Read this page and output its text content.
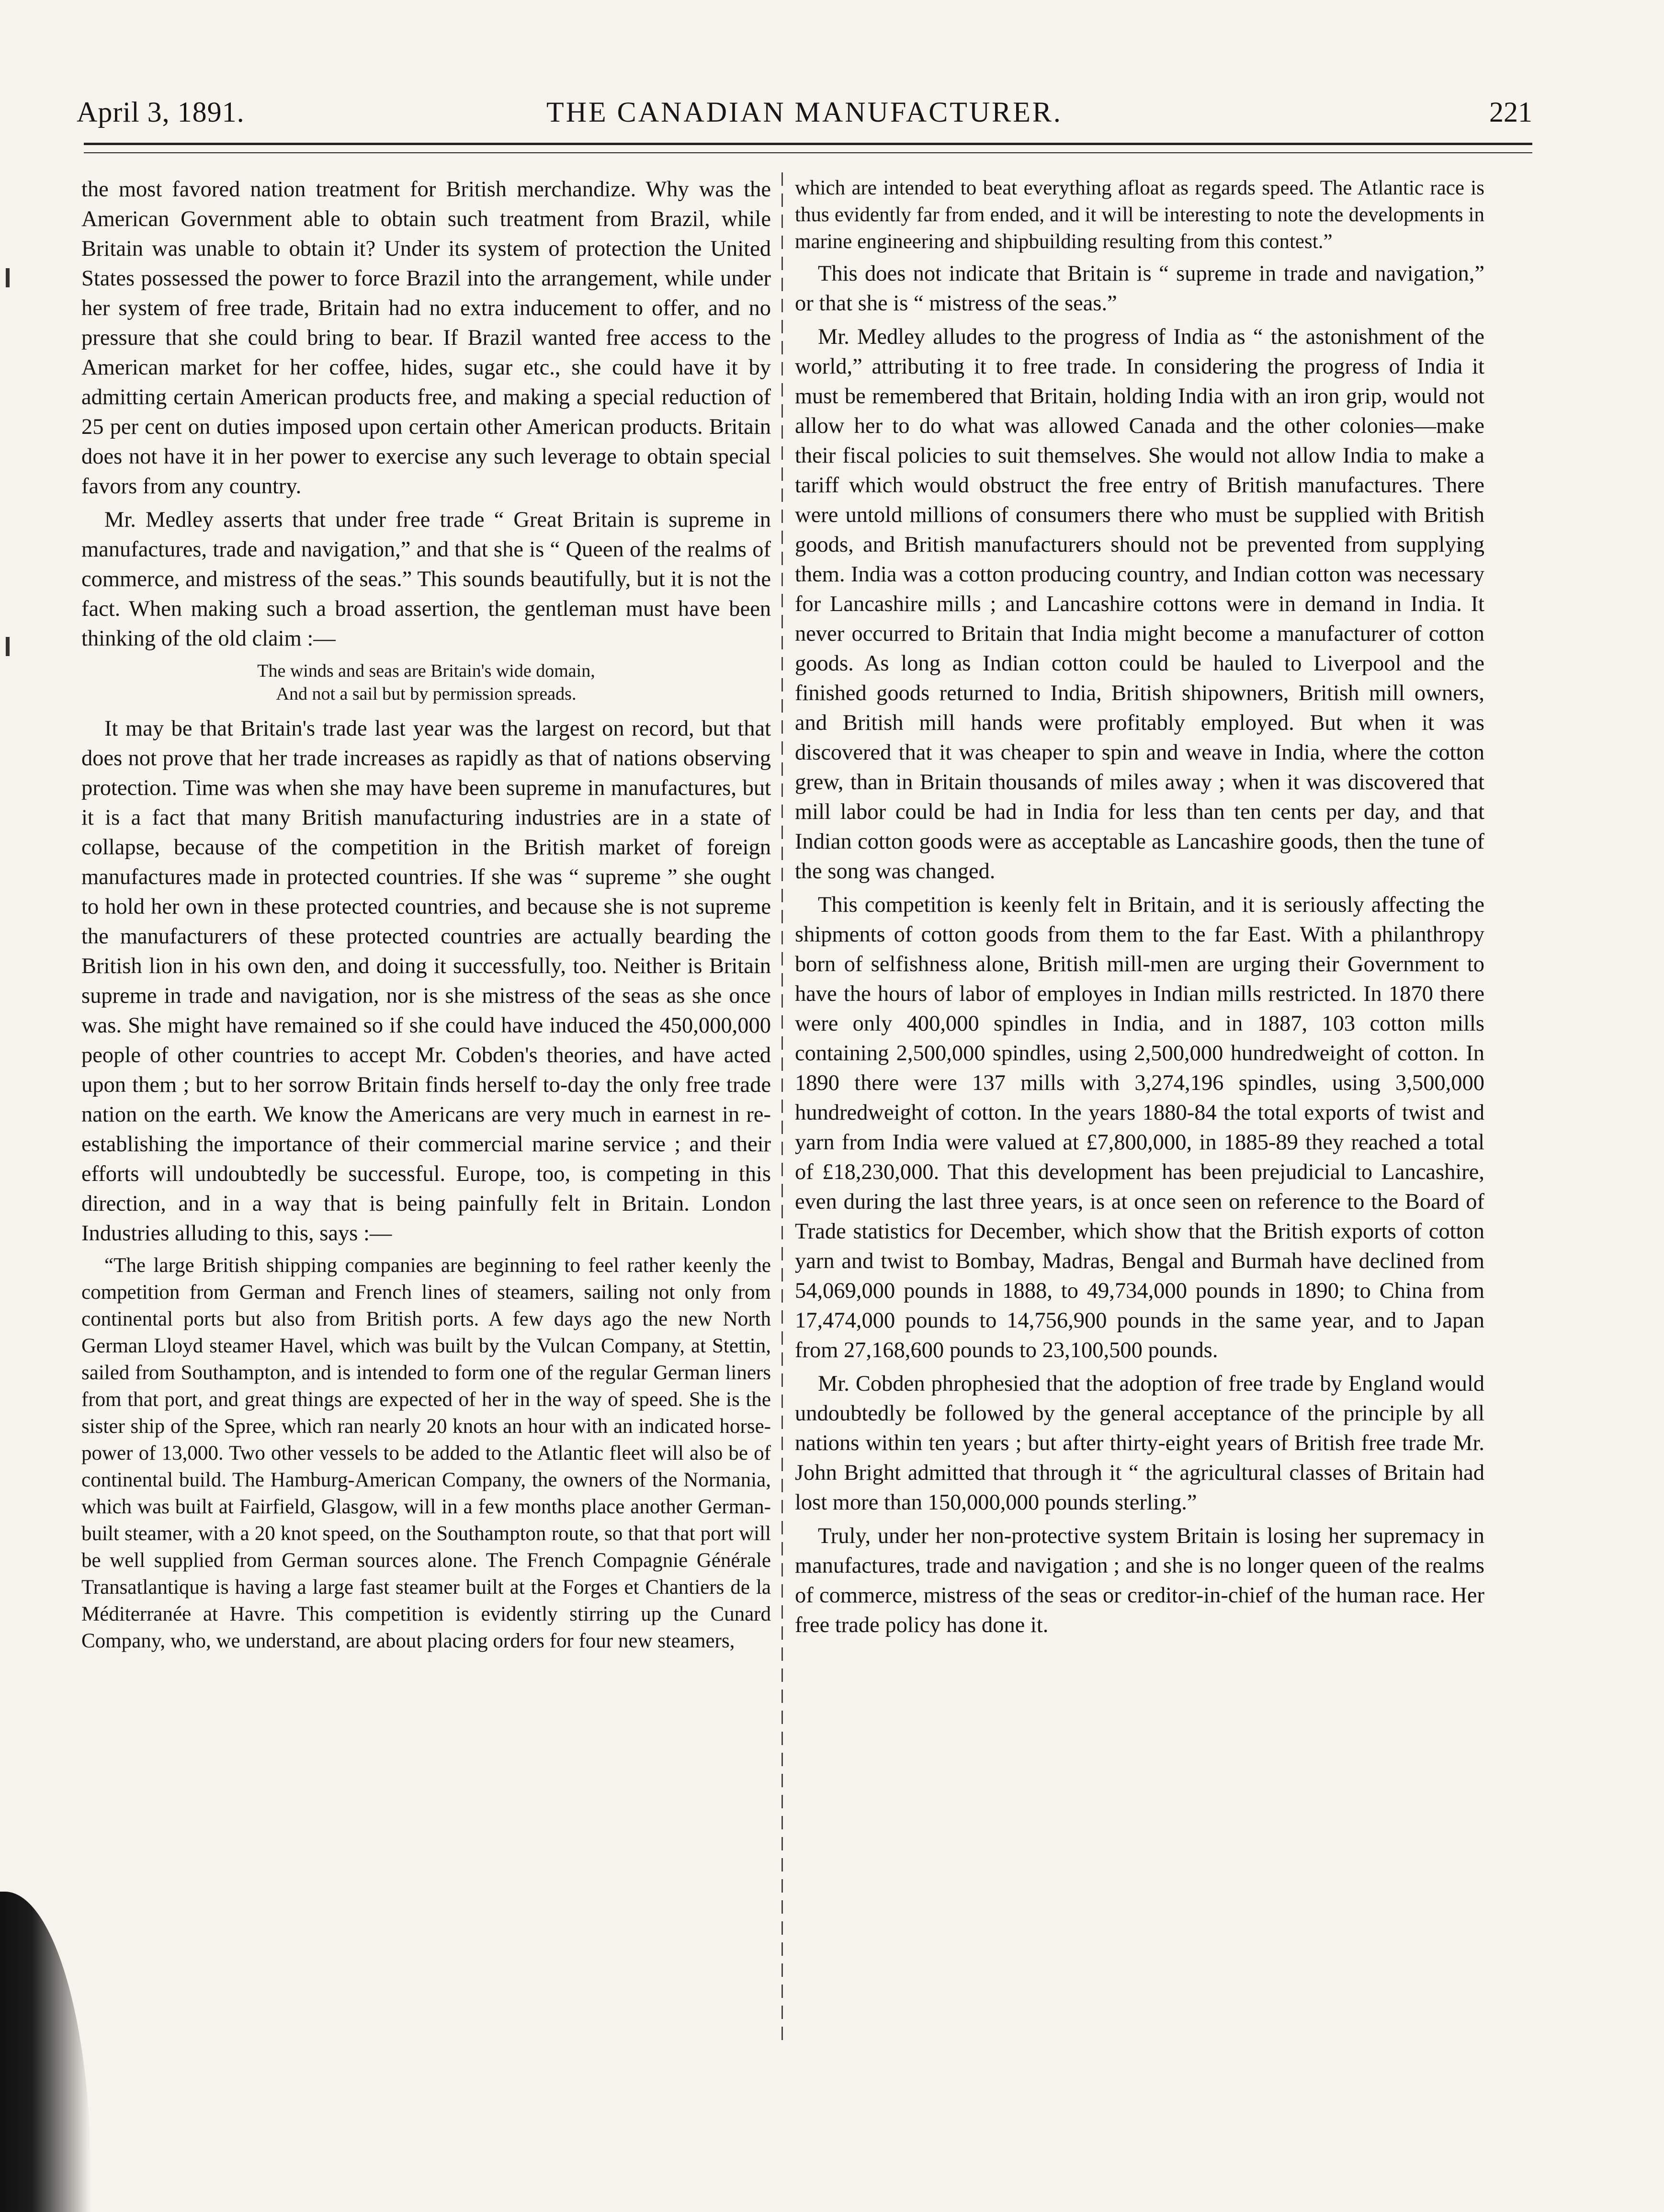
April 3, 1891.	THE CANADIAN MANUFACTURER.	221

the most favored nation treatment for British merchandize. Why was the American Government able to obtain such treatment from Brazil, while Britain was unable to obtain it? Under its system of protection the United States possessed the power to force Brazil into the arrangement, while under her system of free trade, Britain had no extra inducement to offer, and no pressure that she could bring to bear. If Brazil wanted free access to the American market for her coffee, hides, sugar etc., she could have it by admitting certain American products free, and making a special reduction of 25 per cent on duties imposed upon certain other American products. Britain does not have it in her power to exercise any such leverage to obtain special favors from any country.

Mr. Medley asserts that under free trade “ Great Britain is supreme in manufactures, trade and navigation,” and that she is “ Queen of the realms of commerce, and mistress of the seas.” This sounds beautifully, but it is not the fact. When making such a broad assertion, the gentleman must have been thinking of the old claim :—

The winds and seas are Britain's wide domain,
And not a sail but by permission spreads.

It may be that Britain's trade last year was the largest on record, but that does not prove that her trade increases as rapidly as that of nations observing protection. Time was when she may have been supreme in manufactures, but it is a fact that many British manufacturing industries are in a state of collapse, because of the competition in the British market of foreign manufactures made in protected countries. If she was “ supreme ” she ought to hold her own in these protected countries, and because she is not supreme the manufacturers of these protected countries are actually bearding the British lion in his own den, and doing it successfully, too. Neither is Britain supreme in trade and navigation, nor is she mistress of the seas as she once was. She might have remained so if she could have induced the 450,000,000 people of other countries to accept Mr. Cobden's theories, and have acted upon them ; but to her sorrow Britain finds herself to-day the only free trade nation on the earth. We know the Americans are very much in earnest in re-establishing the importance of their commercial marine service ; and their efforts will undoubtedly be successful. Europe, too, is competing in this direction, and in a way that is being painfully felt in Britain. London Industries alluding to this, says :—

“The large British shipping companies are beginning to feel rather keenly the competition from German and French lines of steamers, sailing not only from continental ports but also from British ports. A few days ago the new North German Lloyd steamer Havel, which was built by the Vulcan Company, at Stettin, sailed from Southampton, and is intended to form one of the regular German liners from that port, and great things are expected of her in the way of speed. She is the sister ship of the Spree, which ran nearly 20 knots an hour with an indicated horse-power of 13,000. Two other vessels to be added to the Atlantic fleet will also be of continental build. The Hamburg-American Company, the owners of the Normania, which was built at Fairfield, Glasgow, will in a few months place another German-built steamer, with a 20 knot speed, on the Southampton route, so that that port will be well supplied from German sources alone. The French Compagnie Générale Transatlantique is having a large fast steamer built at the Forges et Chantiers de la Méditerranée at Havre. This competition is evidently stirring up the Cunard Company, who, we understand, are about placing orders for four new steamers,

which are intended to beat everything afloat as regards speed. The Atlantic race is thus evidently far from ended, and it will be interesting to note the developments in marine engineering and shipbuilding resulting from this contest.”

This does not indicate that Britain is “ supreme in trade and navigation,” or that she is “ mistress of the seas.”

Mr. Medley alludes to the progress of India as “ the astonishment of the world,” attributing it to free trade. In considering the progress of India it must be remembered that Britain, holding India with an iron grip, would not allow her to do what was allowed Canada and the other colonies—make their fiscal policies to suit themselves. She would not allow India to make a tariff which would obstruct the free entry of British manufactures. There were untold millions of consumers there who must be supplied with British goods, and British manufacturers should not be prevented from supplying them. India was a cotton producing country, and Indian cotton was necessary for Lancashire mills ; and Lancashire cottons were in demand in India. It never occurred to Britain that India might become a manufacturer of cotton goods. As long as Indian cotton could be hauled to Liverpool and the finished goods returned to India, British shipowners, British mill owners, and British mill hands were profitably employed. But when it was discovered that it was cheaper to spin and weave in India, where the cotton grew, than in Britain thousands of miles away ; when it was discovered that mill labor could be had in India for less than ten cents per day, and that Indian cotton goods were as acceptable as Lancashire goods, then the tune of the song was changed.

This competition is keenly felt in Britain, and it is seriously affecting the shipments of cotton goods from them to the far East. With a philanthropy born of selfishness alone, British mill-men are urging their Government to have the hours of labor of employes in Indian mills restricted. In 1870 there were only 400,000 spindles in India, and in 1887, 103 cotton mills containing 2,500,000 spindles, using 2,500,000 hundredweight of cotton. In 1890 there were 137 mills with 3,274,196 spindles, using 3,500,000 hundredweight of cotton. In the years 1880-84 the total exports of twist and yarn from India were valued at £7,800,000, in 1885-89 they reached a total of £18,230,000. That this development has been prejudicial to Lancashire, even during the last three years, is at once seen on reference to the Board of Trade statistics for December, which show that the British exports of cotton yarn and twist to Bombay, Madras, Bengal and Burmah have declined from 54,069,000 pounds in 1888, to 49,734,000 pounds in 1890; to China from 17,474,000 pounds to 14,756,900 pounds in the same year, and to Japan from 27,168,600 pounds to 23,100,500 pounds.

Mr. Cobden phrophesied that the adoption of free trade by England would undoubtedly be followed by the general acceptance of the principle by all nations within ten years ; but after thirty-eight years of British free trade Mr. John Bright admitted that through it “ the agricultural classes of Britain had lost more than 150,000,000 pounds sterling.”

Truly, under her non-protective system Britain is losing her supremacy in manufactures, trade and navigation ; and she is no longer queen of the realms of commerce, mistress of the seas or creditor-in-chief of the human race. Her free trade policy has done it.
